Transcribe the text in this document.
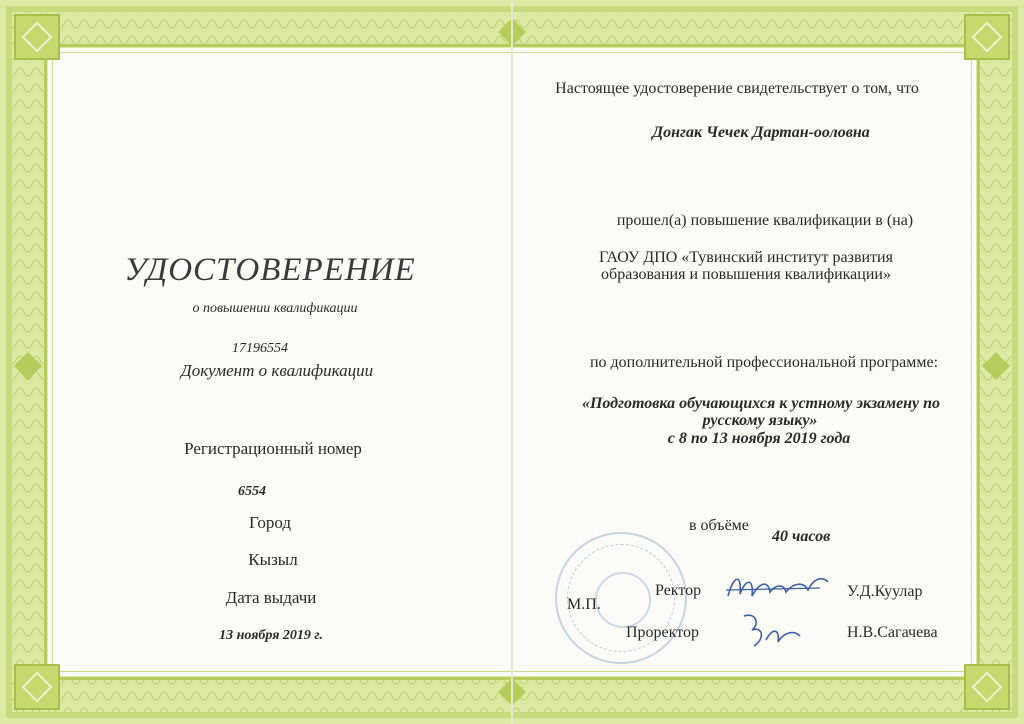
УДОСТОВЕРЕНИЕ
о повышении квалификации
17196554
Документ о квалификации
Регистрационный номер
6554
Город
Кызыл
Дата выдачи
13 ноября 2019 г.
Настоящее удостоверение свидетельствует о том, что
Донгак Чечек Дартан-ооловна
прошел(а) повышение квалификации в (на)
ГАОУ ДПО «Тувинский институт развития
образования и повышения квалификации»
по дополнительной профессиональной программе:
«Подготовка обучающихся к устному экзамену по
русскому языку»
с 8 по 13 ноября 2019 года
в объёме
40 часов
М.П.
Ректор	У.Д.Куулар
Проректор	Н.В.Сагачева
